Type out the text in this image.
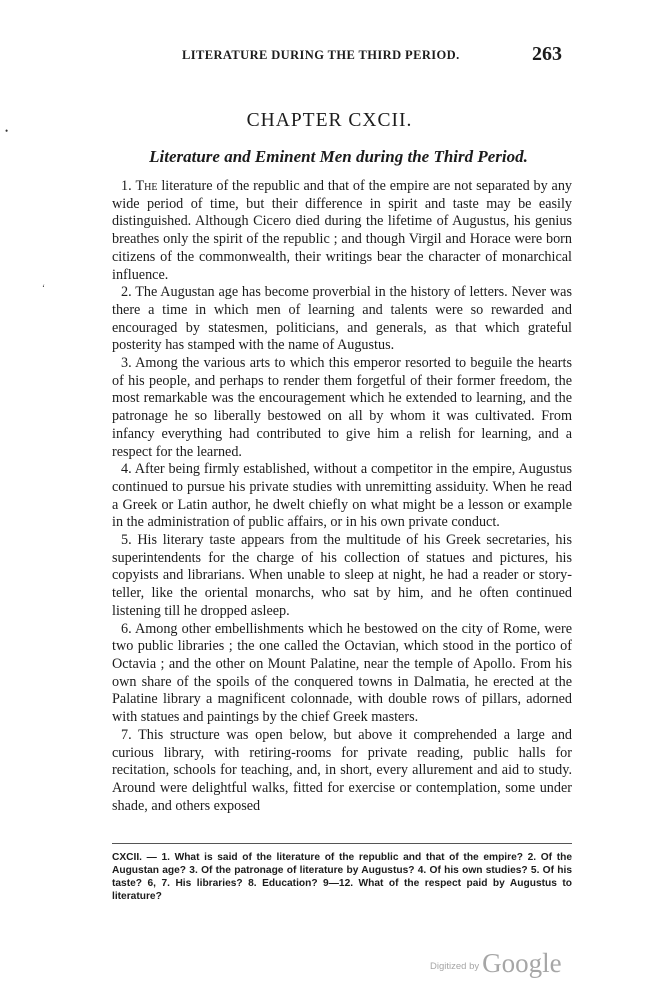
LITERATURE DURING THE THIRD PERIOD.	263
CHAPTER CXCII.
Literature and Eminent Men during the Third Period.
•
‘

1. The literature of the republic and that of the empire are not separated by any wide period of time, but their difference in spirit and taste may be easily distinguished. Although Cicero died during the lifetime of Augustus, his genius breathes only the spirit of the republic ; and though Virgil and Horace were born citizens of the commonwealth, their writings bear the character of monarchical influence.

2. The Augustan age has become proverbial in the history of letters. Never was there a time in which men of learning and talents were so rewarded and encouraged by statesmen, politicians, and generals, as that which grateful posterity has stamped with the name of Augustus.

3. Among the various arts to which this emperor resorted to beguile the hearts of his people, and perhaps to render them forgetful of their former freedom, the most remarkable was the encouragement which he extended to learning, and the patronage he so liberally bestowed on all by whom it was cultivated. From infancy everything had contributed to give him a relish for learning, and a respect for the learned.

4. After being firmly established, without a competitor in the empire, Augustus continued to pursue his private studies with unremitting assiduity. When he read a Greek or Latin author, he dwelt chiefly on what might be a lesson or example in the administration of public affairs, or in his own private conduct.

5. His literary taste appears from the multitude of his Greek secretaries, his superintendents for the charge of his collection of statues and pictures, his copyists and librarians. When unable to sleep at night, he had a reader or story-teller, like the oriental monarchs, who sat by him, and he often continued listening till he dropped asleep.

6. Among other embellishments which he bestowed on the city of Rome, were two public libraries ; the one called the Octavian, which stood in the portico of Octavia ; and the other on Mount Palatine, near the temple of Apollo. From his own share of the spoils of the conquered towns in Dalmatia, he erected at the Palatine library a magnificent colonnade, with double rows of pillars, adorned with statues and paintings by the chief Greek masters.

7. This structure was open below, but above it comprehended a large and curious library, with retiring-rooms for private reading, public halls for recitation, schools for teaching, and, in short, every allurement and aid to study. Around were delightful walks, fitted for exercise or contemplation, some under shade, and others exposed

CXCII. — 1. What is said of the literature of the republic and that of the empire? 2. Of the Augustan age? 3. Of the patronage of literature by Augustus? 4. Of his own studies? 5. Of his taste? 6, 7. His libraries? 8. Education? 9—12. What of the respect paid by Augustus to literature?
Digitized by Google
